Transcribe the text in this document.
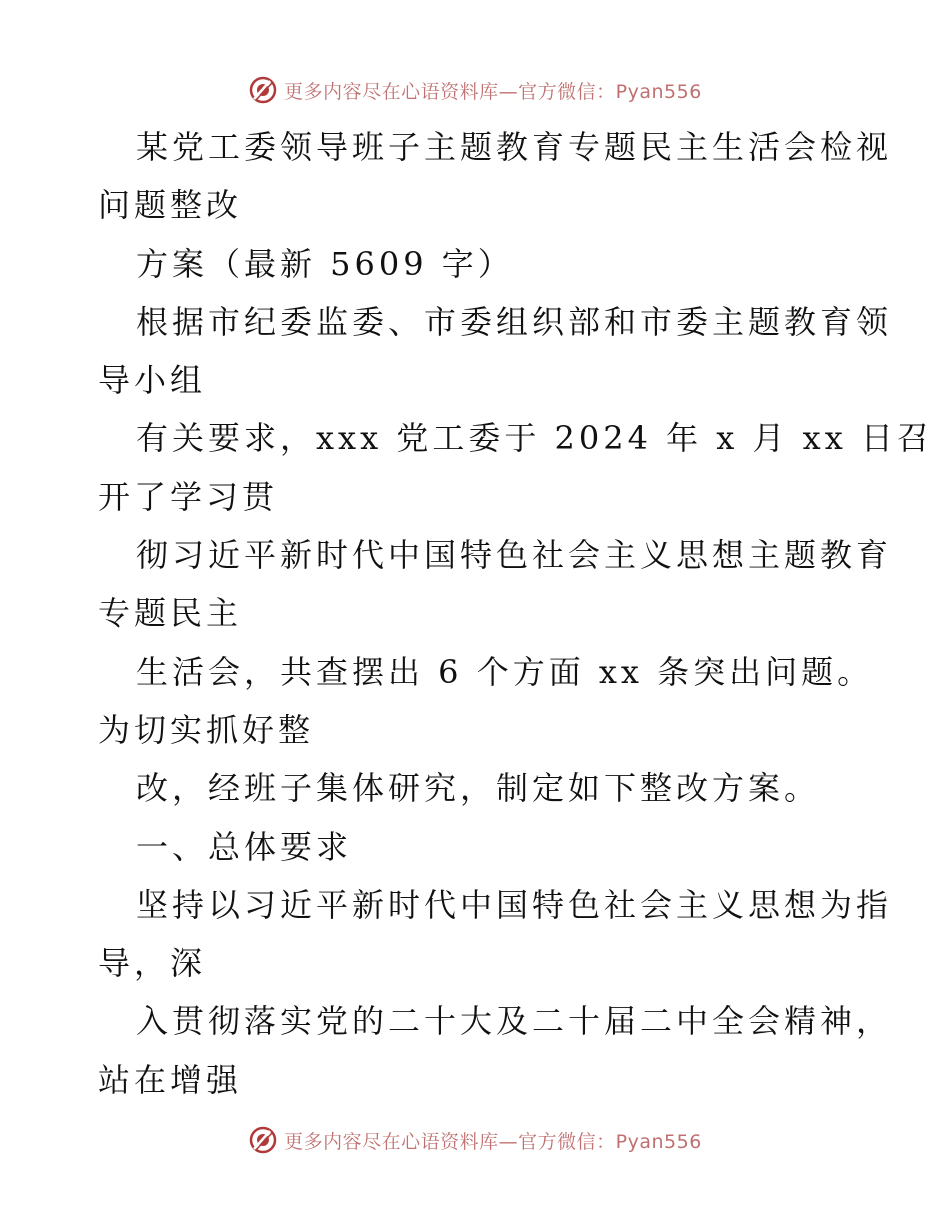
更多内容尽在心语资料库—官方微信：Pyan556
某党工委领导班子主题教育专题民主生活会检视
问题整改
方案（最新 5609 字）
根据市纪委监委、市委组织部和市委主题教育领
导小组
有关要求，xxx 党工委于 2024 年 x 月 xx 日召
开了学习贯
彻习近平新时代中国特色社会主义思想主题教育
专题民主
生活会，共查摆出 6 个方面 xx 条突出问题。
为切实抓好整
改，经班子集体研究，制定如下整改方案。
一、总体要求
坚持以习近平新时代中国特色社会主义思想为指
导，深
入贯彻落实党的二十大及二十届二中全会精神，
站在增强
更多内容尽在心语资料库—官方微信：Pyan556
